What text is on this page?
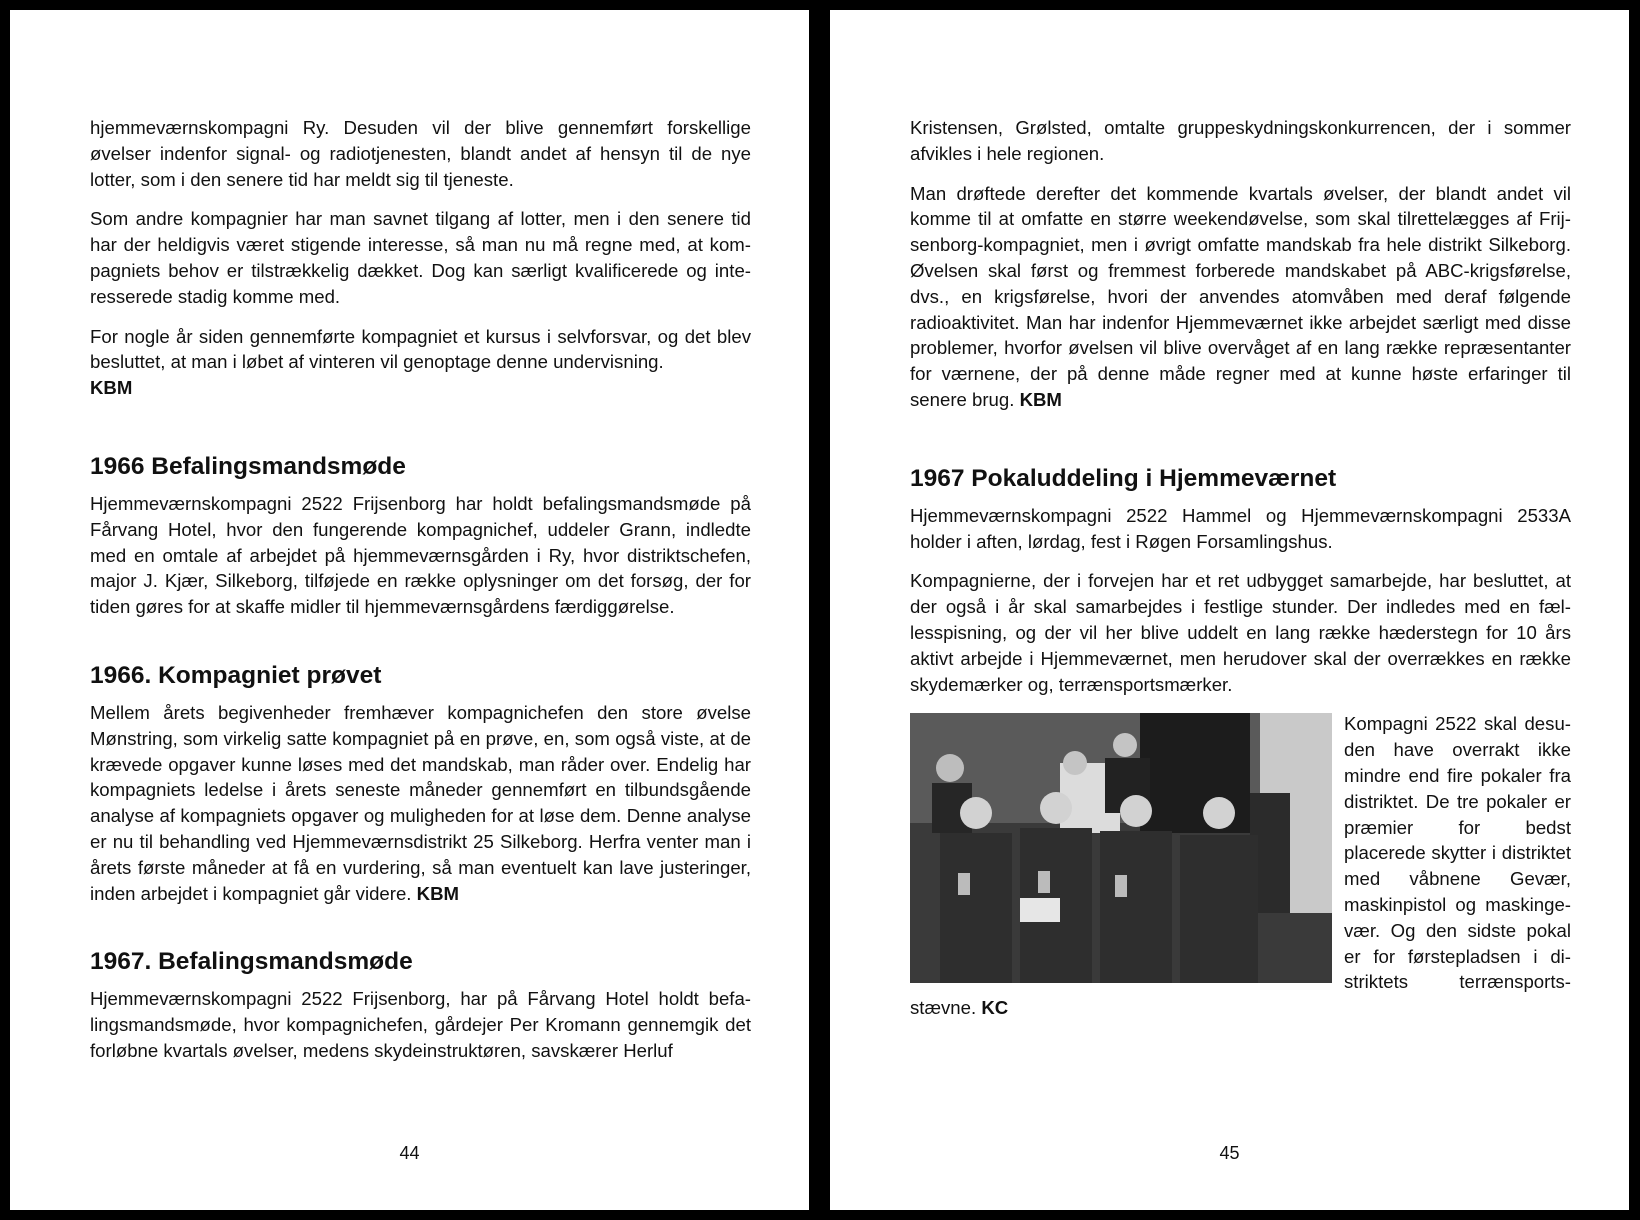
hjemmeværnskompagni Ry. Desuden vil der blive gennemført forskellige øvelser indenfor signal- og radiotjenesten, blandt andet af hensyn til de nye lotter, som i den senere tid har meldt sig til tjeneste.

Som andre kompagnier har man savnet tilgang af lotter, men i den senere tid har der heldigvis været stigende interesse, så man nu må regne med, at kompagniets behov er tilstrækkelig dækket. Dog kan særligt kvalificerede og interesserede stadig komme med.

For nogle år siden gennemførte kompagniet et kursus i selvforsvar, og det blev besluttet, at man i løbet af vinteren vil genoptage denne undervisning.
KBM

1966 Befalingsmandsmøde

Hjemmeværnskompagni 2522 Frijsenborg har holdt befalingsmandsmøde på Fårvang Hotel, hvor den fungerende kompagnichef, uddeler Grann, indledte med en omtale af arbejdet på hjemmeværnsgården i Ry, hvor distriktschefen, major J. Kjær, Silkeborg, tilføjede en række oplysninger om det forsøg, der for tiden gøres for at skaffe midler til hjemmeværnsgårdens færdiggørelse.

1966. Kompagniet prøvet

Mellem årets begivenheder fremhæver kompagnichefen den store øvelse Mønstring, som virkelig satte kompagniet på en prøve, en, som også viste, at de krævede opgaver kunne løses med det mandskab, man råder over. Endelig har kompagniets ledelse i årets seneste måneder gennemført en tilbundsgående analyse af kompagniets opgaver og muligheden for at løse dem. Denne analyse er nu til behandling ved Hjemmeværnsdistrikt 25 Silkeborg. Herfra venter man i årets første måneder at få en vurdering, så man eventuelt kan lave justeringer, inden arbejdet i kompagniet går videre. KBM

1967. Befalingsmandsmøde

Hjemmeværnskompagni 2522 Frijsenborg, har på Fårvang Hotel holdt befalingsmandsmøde, hvor kompagnichefen, gårdejer Per Kromann gennemgik det forløbne kvartals øvelser, medens skydeinstruktøren, savskærer Herluf

44

Kristensen, Grølsted, omtalte gruppeskydningskonkurrencen, der i sommer afvikles i hele regionen.

Man drøftede derefter det kommende kvartals øvelser, der blandt andet vil komme til at omfatte en større weekendøvelse, som skal tilrettelægges af Frijsenborg-kompagniet, men i øvrigt omfatte mandskab fra hele distrikt Silkeborg. Øvelsen skal først og fremmest forberede mandskabet på ABC-krigsførelse, dvs., en krigsførelse, hvori der anvendes atomvåben med deraf følgende radioaktivitet. Man har indenfor Hjemmeværnet ikke arbejdet særligt med disse problemer, hvorfor øvelsen vil blive overvåget af en lang række repræsentanter for værnene, der på denne måde regner med at kunne høste erfaringer til senere brug. KBM

1967 Pokaluddeling i Hjemmeværnet

Hjemmeværnskompagni 2522 Hammel og Hjemmeværnskompagni 2533A holder i aften, lørdag, fest i Røgen Forsamlingshus.

Kompagnierne, der i forvejen har et ret udbygget samarbejde, har besluttet, at der også i år skal samarbejdes i festlige stunder. Der indledes med en fællesspisning, og der vil her blive uddelt en lang række hæderstegn for 10 års aktivt arbejde i Hjemmeværnet, men herudover skal der overrækkes en række skydemærker og, terrænsportsmærker.

Kompagni 2522 skal desuden have overrakt ikke mindre end fire pokaler fra distriktet. De tre pokaler er præmier for bedst placerede skytter i distriktet med våbnene Gevær, maskinpistol og maskingevær. Og den sidste pokal er for førstepladsen i distriktets terrænsportsstævne. KC

45
